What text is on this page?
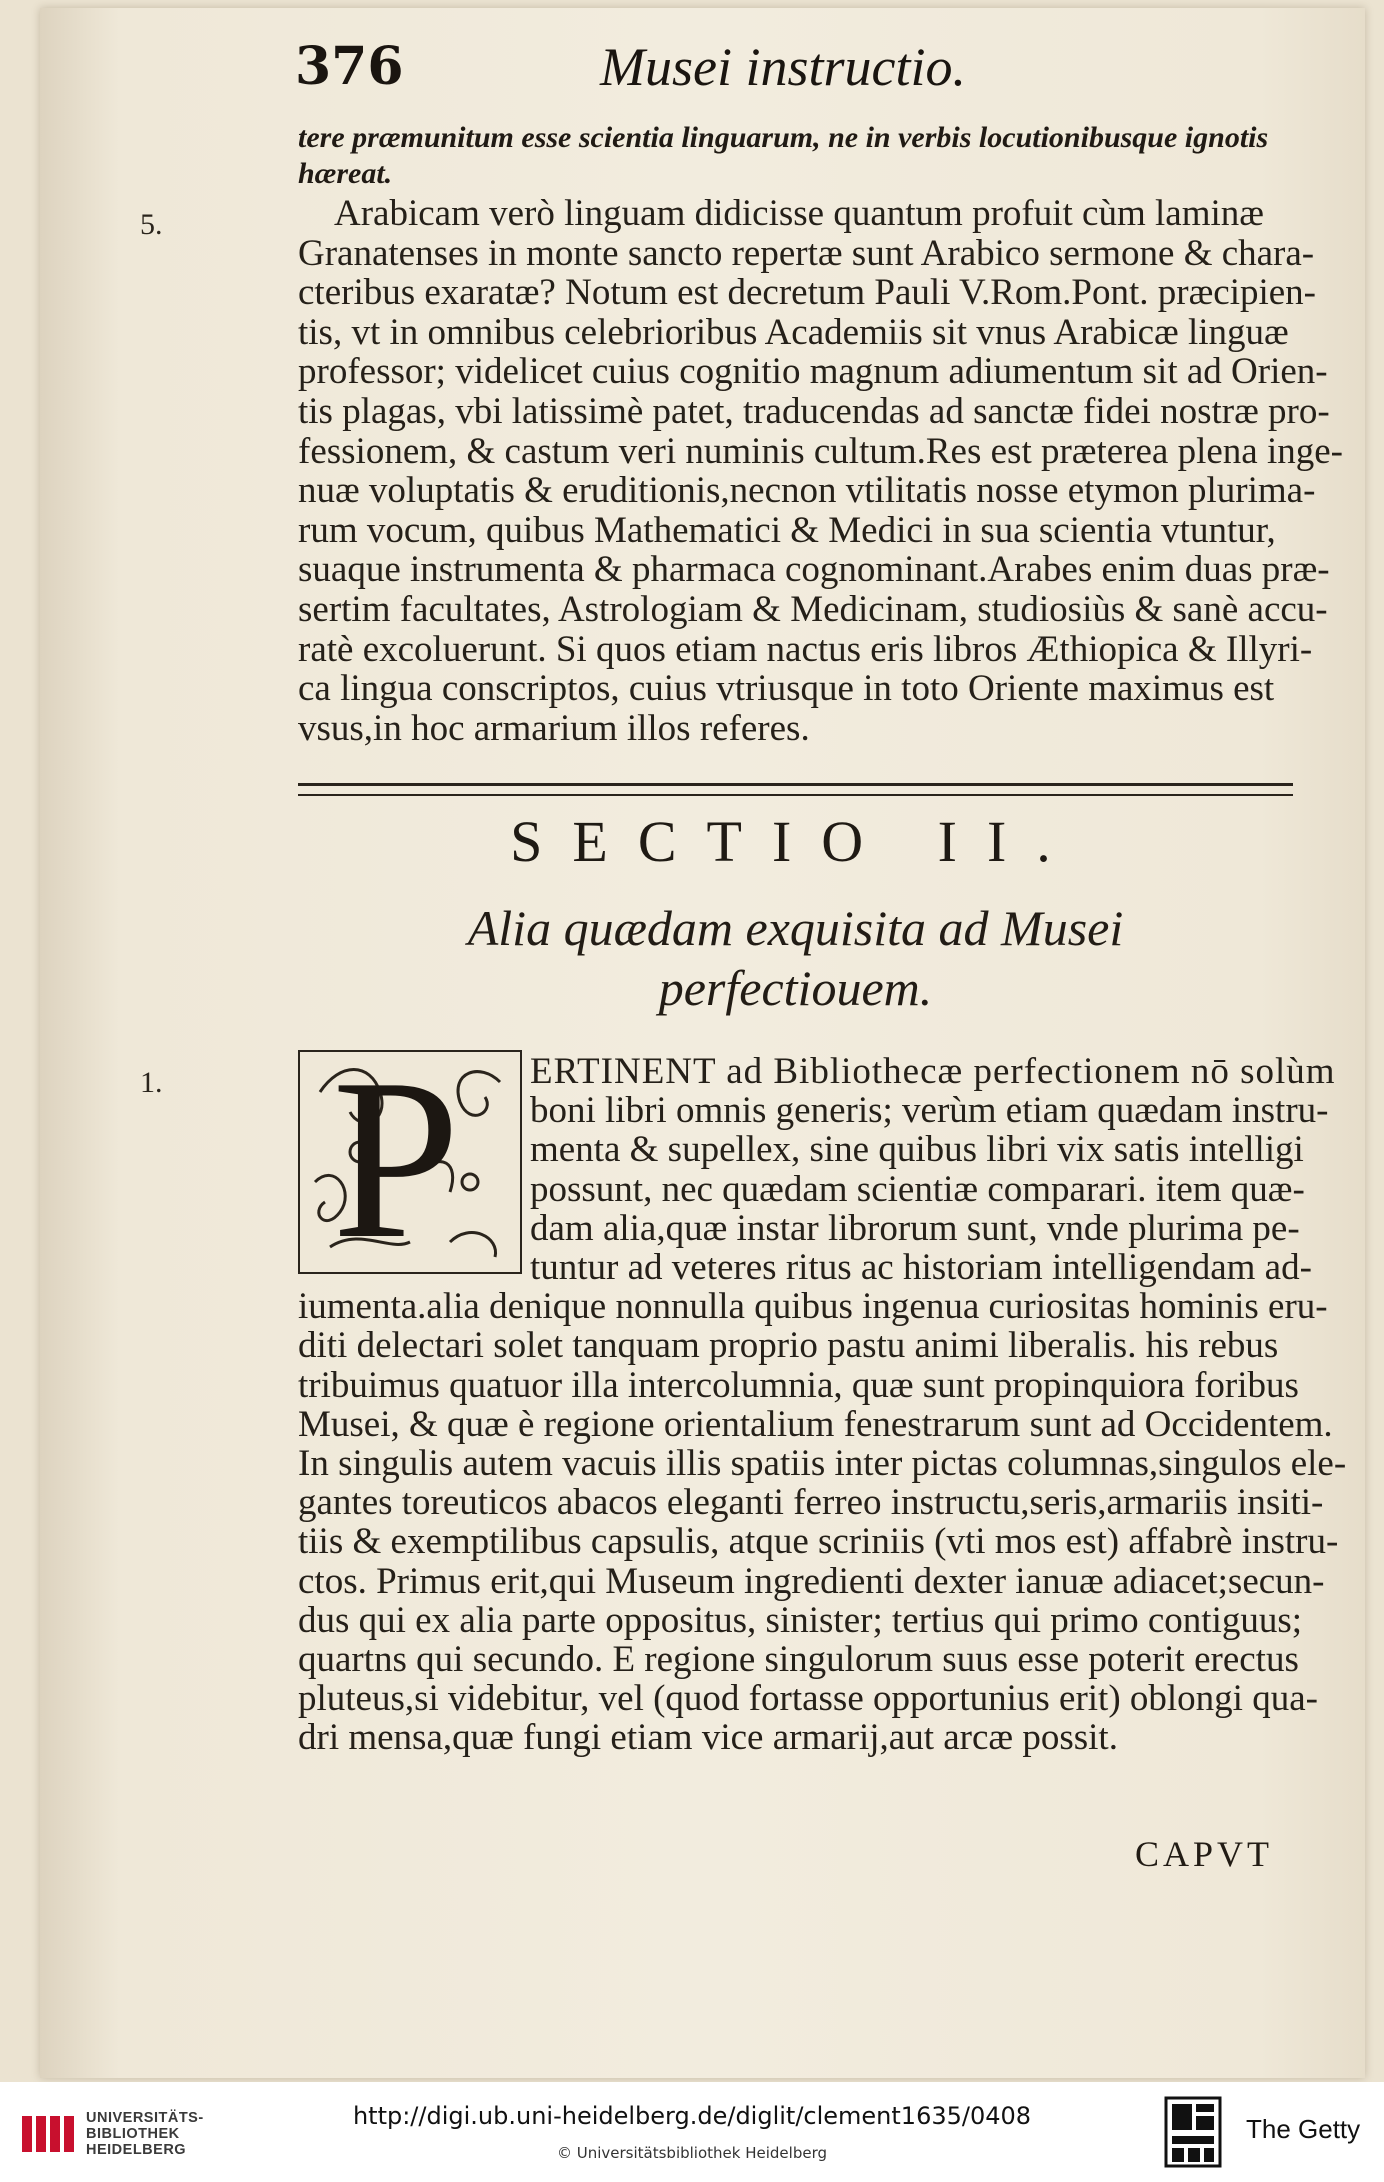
376	Musei instructio.
tere præmunitum esse scientia linguarum, ne in verbis locutionibusque ignotis
hæreat.
5.	Arabicam verò linguam didicisse quantum profuit cùm laminæ
Granatenses in monte sancto repertæ sunt Arabico sermone & chara-
cteribus exaratæ? Notum est decretum Pauli V.Rom.Pont. præcipien-
tis, vt in omnibus celebrioribus Academiis sit vnus Arabicæ linguæ
professor; videlicet cuius cognitio magnum adiumentum sit ad Orien-
tis plagas, vbi latissimè patet, traducendas ad sanctæ fidei nostræ pro-
fessionem, & castum veri numinis cultum.Res est præterea plena inge-
nuæ voluptatis & eruditionis,necnon vtilitatis nosse etymon plurima-
rum vocum, quibus Mathematici & Medici in sua scientia vtuntur,
suaque instrumenta & pharmaca cognominant.Arabes enim duas præ-
sertim facultates, Astrologiam & Medicinam, studiosiùs & sanè accu-
ratè excoluerunt. Si quos etiam nactus eris libros Æthiopica & Illyri-
ca lingua conscriptos, cuius vtriusque in toto Oriente maximus est
vsus,in hoc armarium illos referes.
SECTIO II.
Alia quædam exquisita ad Musei
perfectiouem.
1. P	ERTINENT ad Bibliothecæ perfectionem nō solùm
boni libri omnis generis; verùm etiam quædam instru-
menta & supellex, sine quibus libri vix satis intelligi
possunt, nec quædam scientiæ comparari. item quæ-
dam alia,quæ instar librorum sunt, vnde plurima pe-
tuntur ad veteres ritus ac historiam intelligendam ad-
iumenta.alia denique nonnulla quibus ingenua curiositas hominis eru-
diti delectari solet tanquam proprio pastu animi liberalis. his rebus
tribuimus quatuor illa intercolumnia, quæ sunt propinquiora foribus
Musei, & quæ è regione orientalium fenestrarum sunt ad Occidentem.
In singulis autem vacuis illis spatiis inter pictas columnas,singulos ele-
gantes toreuticos abacos eleganti ferreo instructu,seris,armariis insiti-
tiis & exemptilibus capsulis, atque scriniis (vti mos est) affabrè instru-
ctos. Primus erit,qui Museum ingredienti dexter ianuæ adiacet;secun-
dus qui ex alia parte oppositus, sinister; tertius qui primo contiguus;
quartns qui secundo. E regione singulorum suus esse poterit erectus
pluteus,si videbitur, vel (quod fortasse opportunius erit) oblongi qua-
dri mensa,quæ fungi etiam vice armarij,aut arcæ possit.
CAPVT
UNIVERSITÄTS-
BIBLIOTHEK
HEIDELBERG
http://digi.ub.uni-heidelberg.de/diglit/clement1635/0408
© Universitätsbibliothek Heidelberg
The Getty
